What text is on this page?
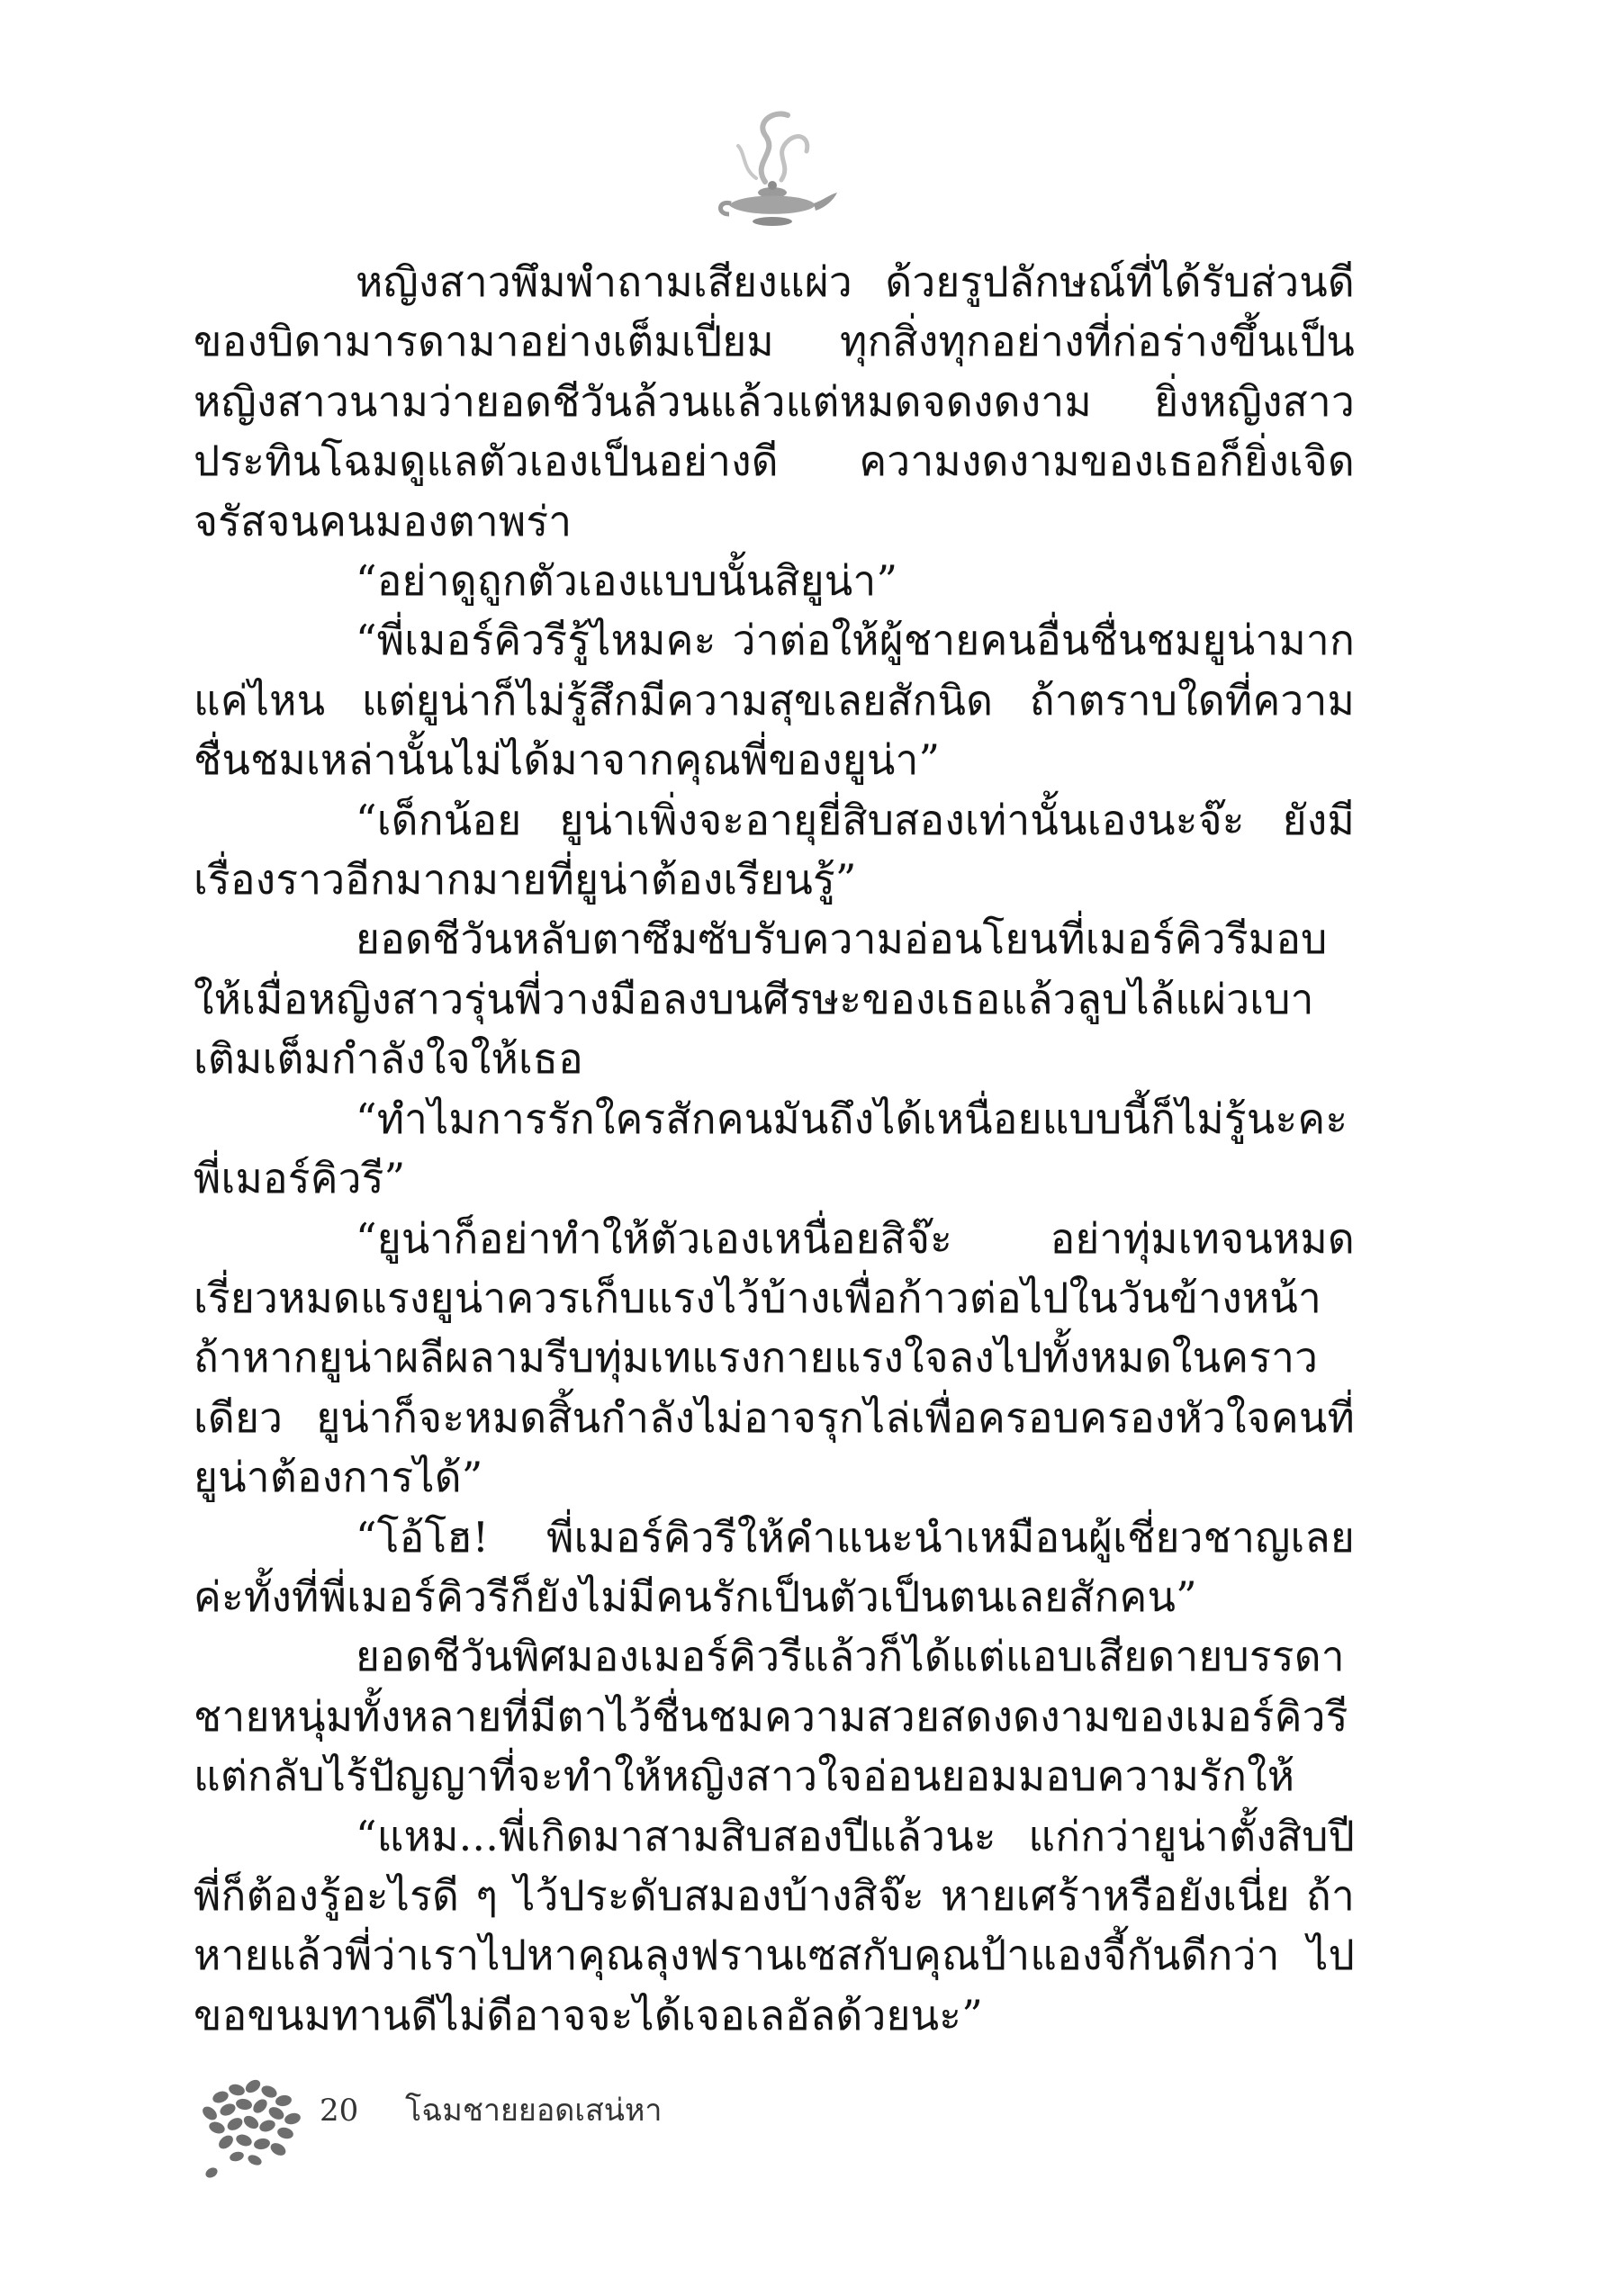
หญิงสาวพึมพำถามเสียงแผ่ว ด้วยรูปลักษณ์ที่ได้รับส่วนดีของบิดามารดามาอย่างเต็มเปี่ยม ทุกสิ่งทุกอย่างที่ก่อร่างขึ้นเป็นหญิงสาวนามว่ายอดชีวันล้วนแล้วแต่หมดจดงดงาม ยิ่งหญิงสาวประทินโฉมดูแลตัวเองเป็นอย่างดี ความงดงามของเธอก็ยิ่งเจิดจรัสจนคนมองตาพร่า

“อย่าดูถูกตัวเองแบบนั้นสิยูน่า”

“พี่เมอร์คิวรีรู้ไหมคะ ว่าต่อให้ผู้ชายคนอื่นชื่นชมยูน่ามากแค่ไหน แต่ยูน่าก็ไม่รู้สึกมีความสุขเลยสักนิด ถ้าตราบใดที่ความชื่นชมเหล่านั้นไม่ได้มาจากคุณพี่ของยูน่า”

“เด็กน้อย ยูน่าเพิ่งจะอายุยี่สิบสองเท่านั้นเองนะจ๊ะ ยังมีเรื่องราวอีกมากมายที่ยูน่าต้องเรียนรู้”

ยอดชีวันหลับตาซึมซับรับความอ่อนโยนที่เมอร์คิวรีมอบให้เมื่อหญิงสาวรุ่นพี่วางมือลงบนศีรษะของเธอแล้วลูบไล้แผ่วเบาเติมเต็มกำลังใจให้เธอ

“ทำไมการรักใครสักคนมันถึงได้เหนื่อยแบบนี้ก็ไม่รู้นะคะพี่เมอร์คิวรี”

“ยูน่าก็อย่าทำให้ตัวเองเหนื่อยสิจ๊ะ อย่าทุ่มเทจนหมดเรี่ยวหมดแรงยูน่าควรเก็บแรงไว้บ้างเพื่อก้าวต่อไปในวันข้างหน้า ถ้าหากยูน่าผลีผลามรีบทุ่มเทแรงกายแรงใจลงไปทั้งหมดในคราวเดียว ยูน่าก็จะหมดสิ้นกำลังไม่อาจรุกไล่เพื่อครอบครองหัวใจคนที่ยูน่าต้องการได้”

“โอ้โฮ! พี่เมอร์คิวรีให้คำแนะนำเหมือนผู้เชี่ยวชาญเลยค่ะทั้งที่พี่เมอร์คิวรีก็ยังไม่มีคนรักเป็นตัวเป็นตนเลยสักคน”

ยอดชีวันพิศมองเมอร์คิวรีแล้วก็ได้แต่แอบเสียดายบรรดาชายหนุ่มทั้งหลายที่มีตาไว้ชื่นชมความสวยสดงดงามของเมอร์คิวรี แต่กลับไร้ปัญญาที่จะทำให้หญิงสาวใจอ่อนยอมมอบความรักให้

“แหม...พี่เกิดมาสามสิบสองปีแล้วนะ แก่กว่ายูน่าตั้งสิบปี พี่ก็ต้องรู้อะไรดี ๆ ไว้ประดับสมองบ้างสิจ๊ะ หายเศร้าหรือยังเนี่ย ถ้าหายแล้วพี่ว่าเราไปหาคุณลุงฟรานเซสกับคุณป้าแองจี้กันดีกว่า ไปขอขนมทานดีไม่ดีอาจจะได้เจอเลอัลด้วยนะ”

20 โฉมชายยอดเสน่หา
